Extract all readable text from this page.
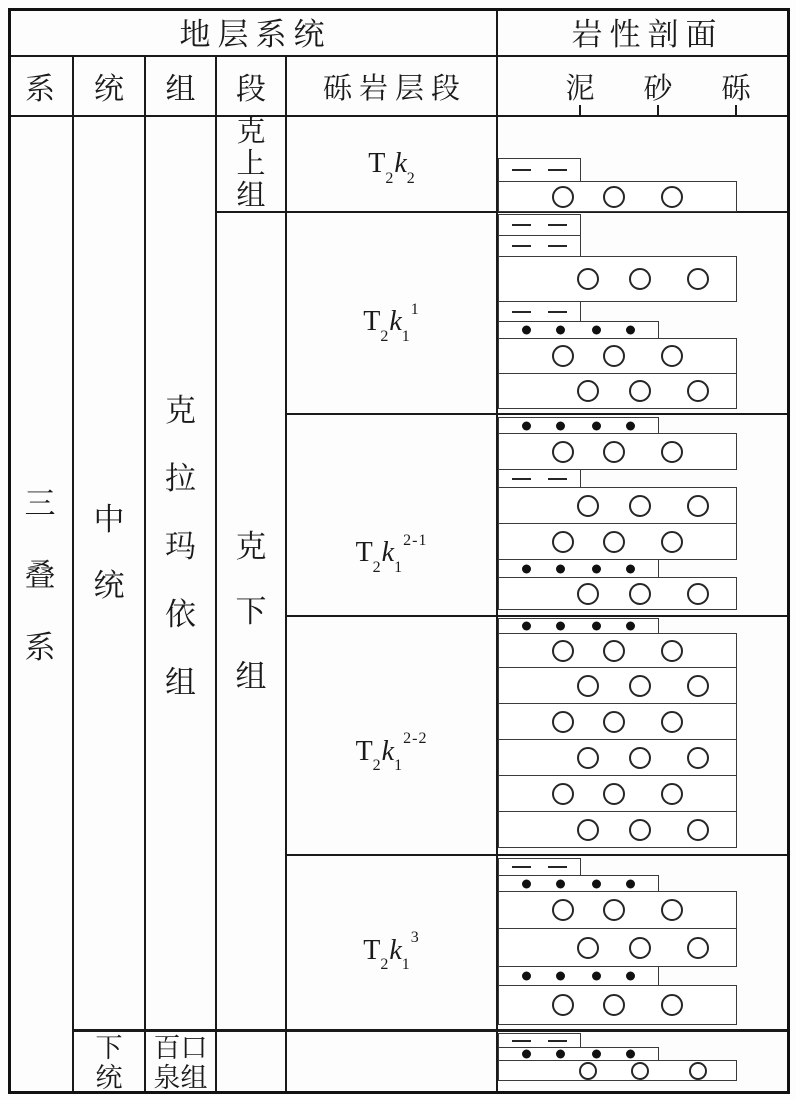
地层系统	岩性剖面
系 统 组 段 砾岩层段	泥 砂 砾
三叠系
中统
下统
克拉玛依组
百口泉组
克上组
克下组
$T_2k_2$
$T_2k_1^1$
$T_2k_1^{2-1}$
$T_2k_1^{2-2}$
$T_2k_1^3$
